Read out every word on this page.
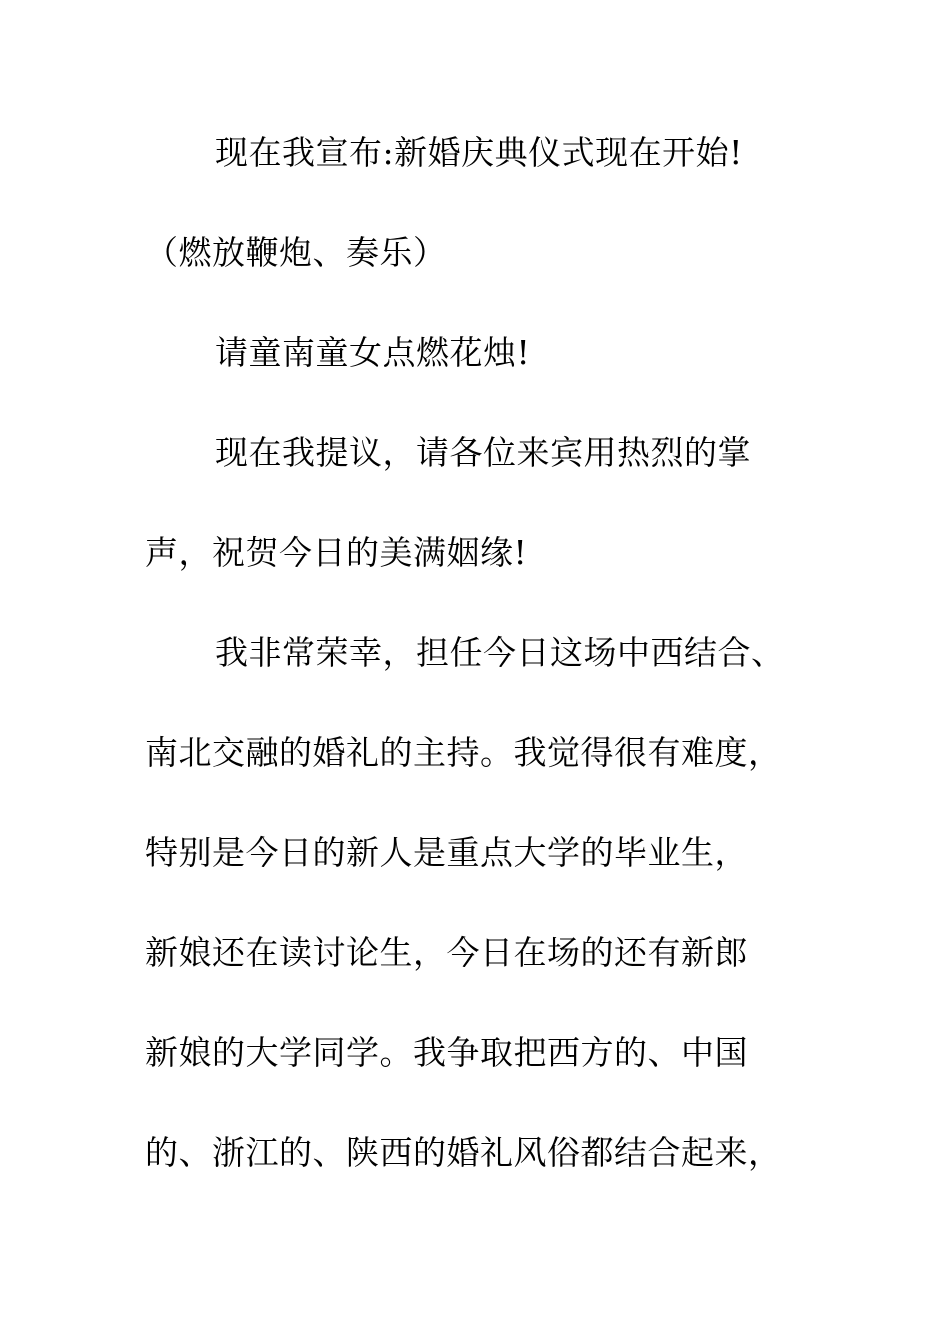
现在我宣布:新婚庆典仪式现在开始!

（燃放鞭炮、奏乐）

请童南童女点燃花烛!

现在我提议，请各位来宾用热烈的掌

声，祝贺今日的美满姻缘!

我非常荣幸，担任今日这场中西结合、

南北交融的婚礼的主持。我觉得很有难度，

特别是今日的新人是重点大学的毕业生，

新娘还在读讨论生，今日在场的还有新郎

新娘的大学同学。我争取把西方的、中国

的、浙江的、陕西的婚礼风俗都结合起来，
